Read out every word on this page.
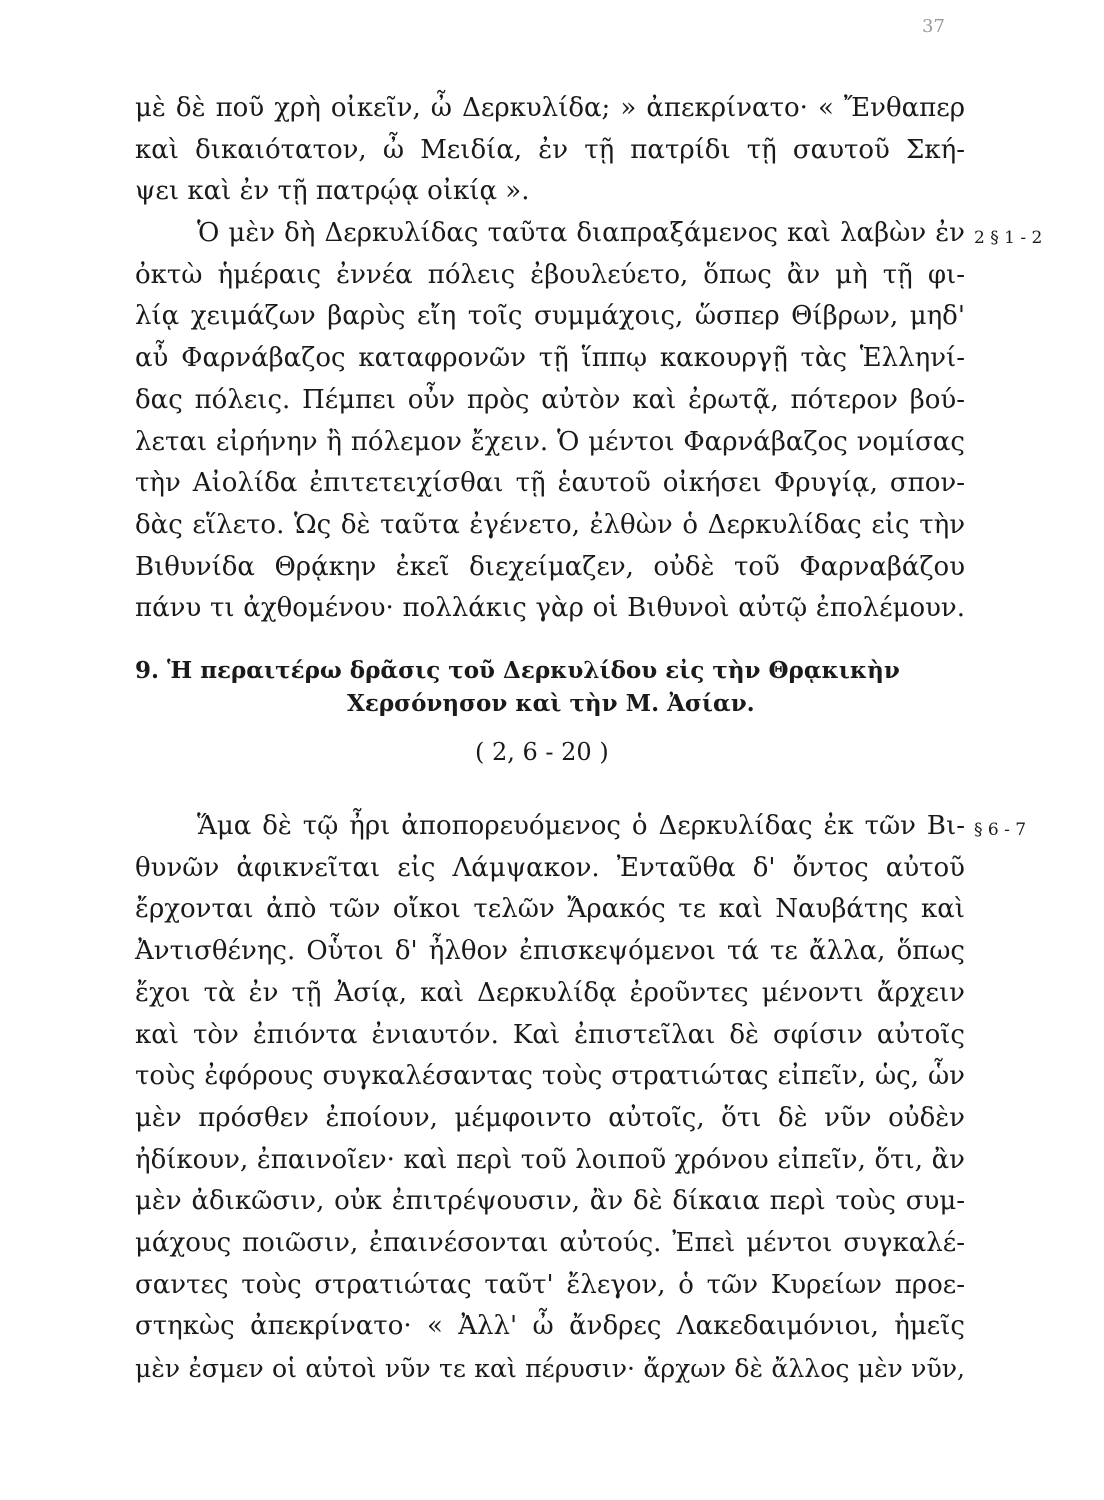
37
μὲ δὲ ποῦ χρὴ οἰκεῖν, ὦ Δερκυλίδα; » ἀπεκρίνατο· « Ἔνθαπερ
καὶ δικαιότατον, ὦ Μειδία, ἐν τῇ πατρίδι τῇ σαυτοῦ Σκή-
ψει καὶ ἐν τῇ πατρῴᾳ οἰκίᾳ ».
Ὁ μὲν δὴ Δερκυλίδας ταῦτα διαπραξάμενος καὶ λαβὼν ἐν
ὀκτὼ ἡμέραις ἐννέα πόλεις ἐβουλεύετο, ὅπως ἂν μὴ τῇ φι-
λίᾳ χειμάζων βαρὺς εἴη τοῖς συμμάχοις, ὥσπερ Θίβρων, μηδ'
αὖ Φαρνάβαζος καταφρονῶν τῇ ἵππῳ κακουργῇ τὰς Ἑλληνί-
δας πόλεις. Πέμπει οὖν πρὸς αὐτὸν καὶ ἐρωτᾷ, πότερον βού-
λεται εἰρήνην ἢ πόλεμον ἔχειν. Ὁ μέντοι Φαρνάβαζος νομίσας
τὴν Αἰολίδα ἐπιτετειχίσθαι τῇ ἑαυτοῦ οἰκήσει Φρυγίᾳ, σπον-
δὰς εἵλετο. Ὡς δὲ ταῦτα ἐγένετο, ἐλθὼν ὁ Δερκυλίδας εἰς τὴν
Βιθυνίδα Θρᾴκην ἐκεῖ διεχείμαζεν, οὐδὲ τοῦ Φαρναβάζου
πάνυ τι ἀχθομένου· πολλάκις γὰρ οἱ Βιθυνοὶ αὐτῷ ἐπολέμουν.
2 § 1 - 2
9. Ἡ περαιτέρω δρᾶσις τοῦ Δερκυλίδου εἰς τὴν Θρᾳκικὴν
Χερσόνησον καὶ τὴν Μ. Ἀσίαν.
( 2, 6 - 20 )
Ἅμα δὲ τῷ ἦρι ἀποπορευόμενος ὁ Δερκυλίδας ἐκ τῶν Βι-
θυνῶν ἀφικνεῖται εἰς Λάμψακον. Ἐνταῦθα δ' ὄντος αὐτοῦ
ἔρχονται ἀπὸ τῶν οἴκοι τελῶν Ἄρακός τε καὶ Ναυβάτης καὶ
Ἀντισθένης. Οὗτοι δ' ἦλθον ἐπισκεψόμενοι τά τε ἄλλα, ὅπως
ἔχοι τὰ ἐν τῇ Ἀσίᾳ, καὶ Δερκυλίδᾳ ἐροῦντες μένοντι ἄρχειν
καὶ τὸν ἐπιόντα ἐνιαυτόν. Καὶ ἐπιστεῖλαι δὲ σφίσιν αὐτοῖς
τοὺς ἐφόρους συγκαλέσαντας τοὺς στρατιώτας εἰπεῖν, ὡς, ὧν
μὲν πρόσθεν ἐποίουν, μέμφοιντο αὐτοῖς, ὅτι δὲ νῦν οὐδὲν
ἠδίκουν, ἐπαινοῖεν· καὶ περὶ τοῦ λοιποῦ χρόνου εἰπεῖν, ὅτι, ἂν
μὲν ἀδικῶσιν, οὐκ ἐπιτρέψουσιν, ἂν δὲ δίκαια περὶ τοὺς συμ-
μάχους ποιῶσιν, ἐπαινέσονται αὐτούς. Ἐπεὶ μέντοι συγκαλέ-
σαντες τοὺς στρατιώτας ταῦτ' ἔλεγον, ὁ τῶν Κυρείων προε-
στηκὼς ἀπεκρίνατο· « Ἀλλ' ὦ ἄνδρες Λακεδαιμόνιοι, ἡμεῖς
μὲν ἐσμεν οἱ αὐτοὶ νῦν τε καὶ πέρυσιν· ἄρχων δὲ ἄλλος μὲν νῦν,
§ 6 - 7
